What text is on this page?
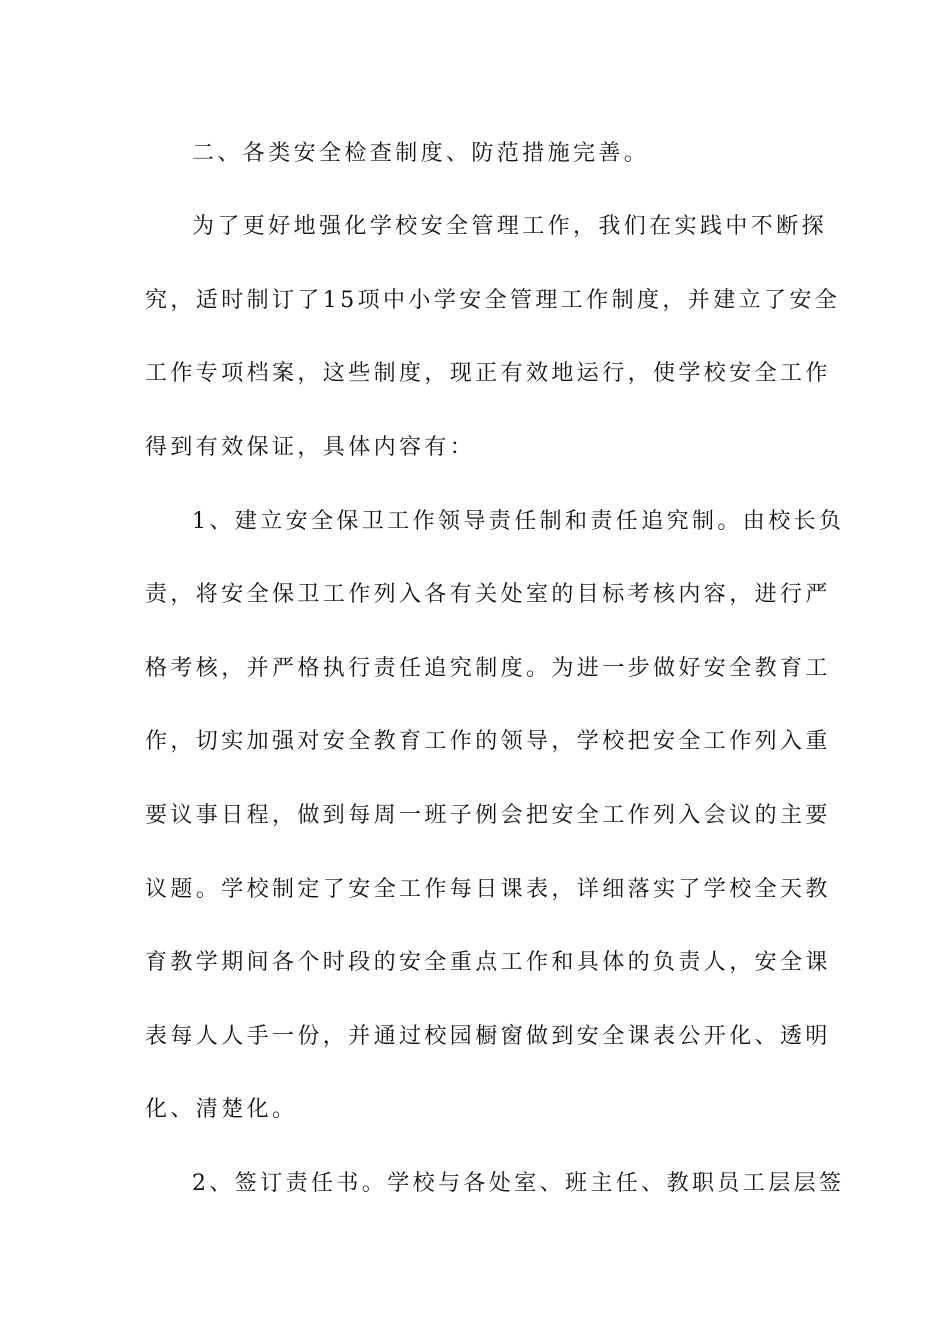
二、各类安全检查制度、防范措施完善。
为了更好地强化学校安全管理工作，我们在实践中不断探
究，适时制订了15项中小学安全管理工作制度，并建立了安全
工作专项档案，这些制度，现正有效地运行，使学校安全工作
得到有效保证，具体内容有：
1、建立安全保卫工作领导责任制和责任追究制。由校长负
责，将安全保卫工作列入各有关处室的目标考核内容，进行严
格考核，并严格执行责任追究制度。为进一步做好安全教育工
作，切实加强对安全教育工作的领导，学校把安全工作列入重
要议事日程，做到每周一班子例会把安全工作列入会议的主要
议题。学校制定了安全工作每日课表，详细落实了学校全天教
育教学期间各个时段的安全重点工作和具体的负责人，安全课
表每人人手一份，并通过校园橱窗做到安全课表公开化、透明
化、清楚化。
2、签订责任书。学校与各处室、班主任、教职员工层层签
